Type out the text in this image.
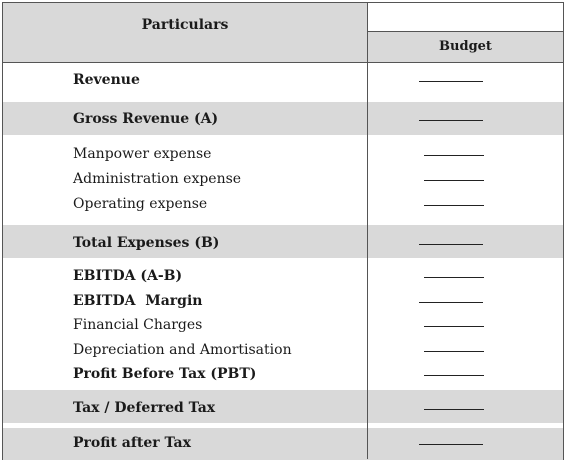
Particulars
Budget
Revenue
Gross Revenue (A)
Manpower expense
Administration expense
Operating expense
Total Expenses (B)
EBITDA (A-B)
EBITDA  Margin
Financial Charges
Depreciation and Amortisation
Profit Before Tax (PBT)
Tax / Deferred Tax
Profit after Tax
